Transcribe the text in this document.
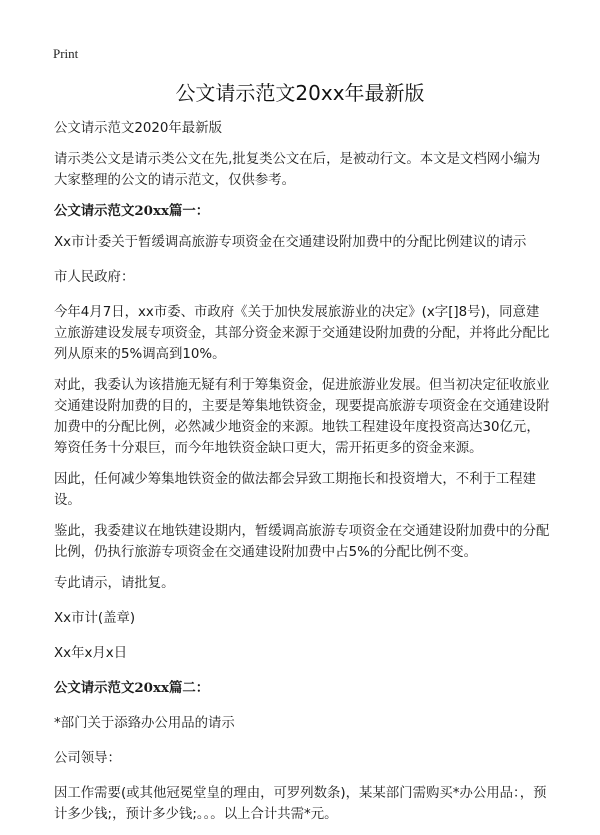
Print
公文请示范文20xx年最新版

公文请示范文2020年最新版

请示类公文是请示类公文在先,批复类公文在后，是被动行文。本文是文档网小编为大家整理的公文的请示范文，仅供参考。

公文请示范文20xx篇一：

Xx市计委关于暂缓调高旅游专项资金在交通建设附加费中的分配比例建议的请示

市人民政府：

今年4月7日，xx市委、市政府《关于加快发展旅游业的决定》(x字[]8号)，同意建立旅游建设发展专项资金，其部分资金来源于交通建设附加费的分配，并将此分配比列从原来的5%调高到10%。

对此，我委认为该措施无疑有利于筹集资金，促进旅游业发展。但当初决定征收旅业交通建设附加费的目的，主要是筹集地铁资金，现要提高旅游专项资金在交通建设附加费中的分配比例，必然减少地资金的来源。地铁工程建设年度投资高达30亿元，筹资任务十分艰巨，而今年地铁资金缺口更大，需开拓更多的资金来源。

因此，任何减少筹集地铁资金的做法都会异致工期拖长和投资增大，不利于工程建设。

鉴此，我委建议在地铁建设期内，暂缓调高旅游专项资金在交通建设附加费中的分配比例，仍执行旅游专项资金在交通建设附加费中占5%的分配比例不变。

专此请示，请批复。

Xx市计(盖章)

Xx年x月x日

公文请示范文20xx篇二：

*部门关于添臵办公用品的请示

公司领导：

因工作需要(或其他冠冕堂皇的理由，可罗列数条)，某某部门需购买*办公用品：，预计多少钱;，预计多少钱;。。。以上合计共需*元。
